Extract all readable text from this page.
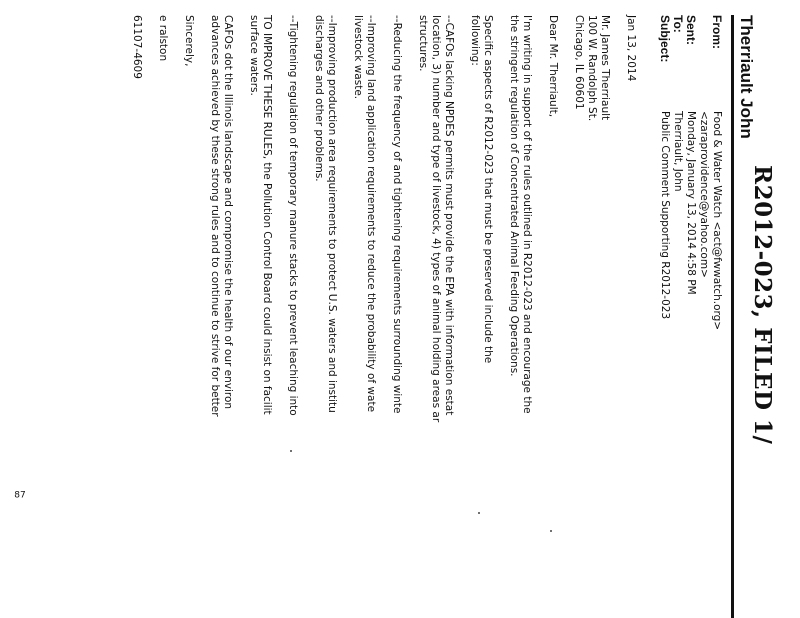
R2012-023, FILED 1/
Therriault John
From:
Food & Water Watch <act@fwwatch.org>
<zaraprovidence@yahoo.com>
Sent:
Monday, January 13, 2014 4:58 PM
To:
Therriault, John
Subject:
Public Comment Supporting R2012-023
Jan 13, 2014
Mr. James Therriault
100 W. Randolph St.
Chicago, IL 60601
Dear Mr. Therriault,
I'm writing in support of the rules outlined in R2012-023 and encourage the
the stringent regulation of Concentrated Animal Feeding Operations.
Specific aspects of R2012-023 that must be preserved include the
following:
--CAFOs lacking NPDES permits must provide the EPA with information estat
location, 3) number and type of livestock, 4) types of animal holding areas ar
structures.
--Reducing the frequency of and tightening requirements surrounding winte
--Improving land application requirements to reduce the probability of wate
livestock waste.
--Improving production area requirements to protect U.S. waters and institu
discharges and other problems.
--Tightening regulation of temporary manure stacks to prevent leaching into
TO IMPROVE THESE RULES, the Pollution Control Board could insist on facilit
surface waters.
CAFOs dot the Illinois landscape and compromise the health of our environ
advances achieved by these strong rules and to continue to strive for better
Sincerely,
e ralston
61107-4609
87
